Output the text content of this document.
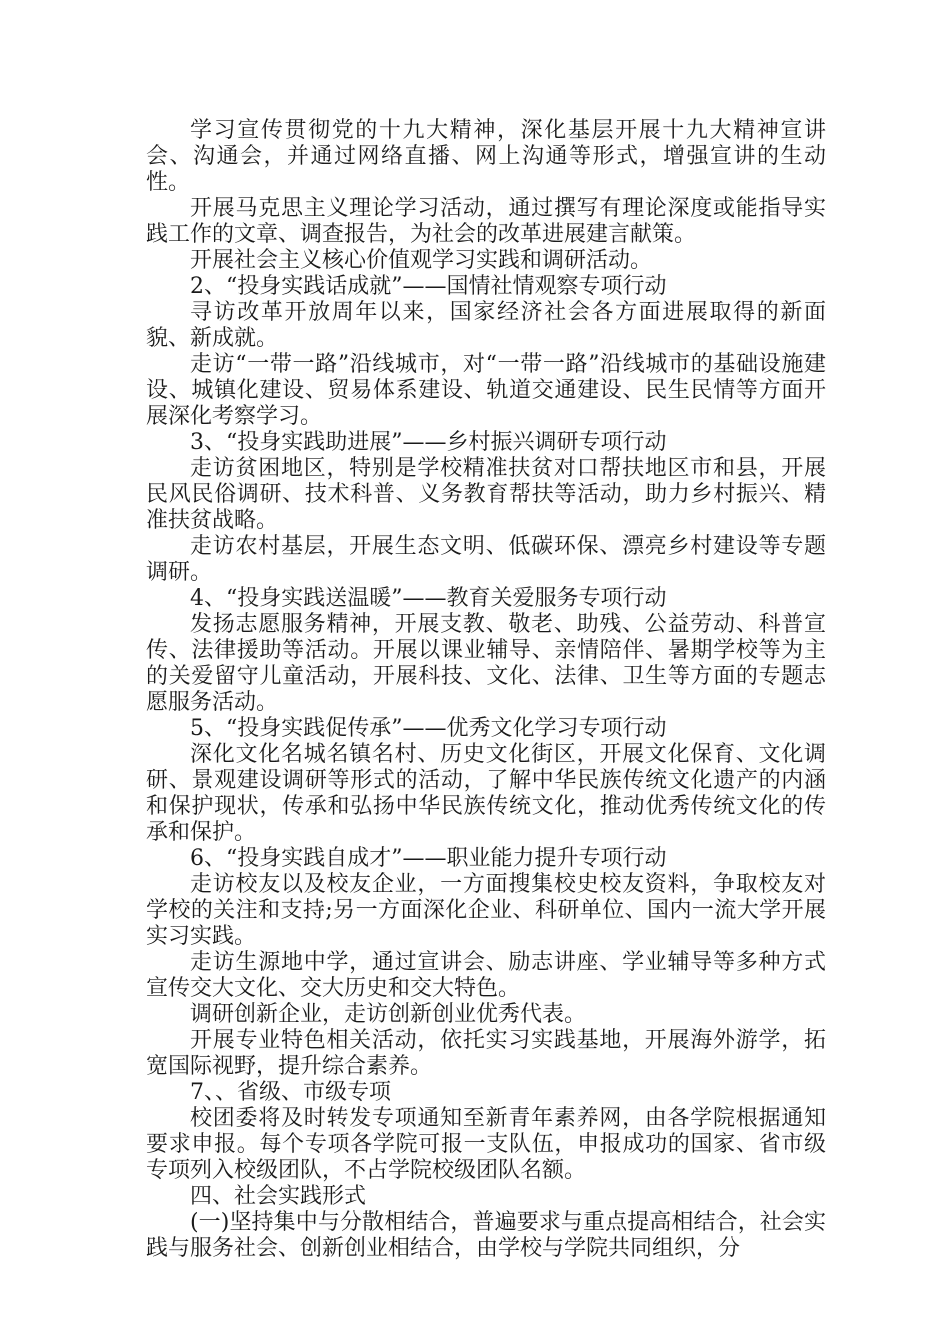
学习宣传贯彻党的十九大精神，深化基层开展十九大精神宣讲会、沟通会，并通过网络直播、网上沟通等形式，增强宣讲的生动性。

开展马克思主义理论学习活动，通过撰写有理论深度或能指导实践工作的文章、调查报告，为社会的改革进展建言献策。

开展社会主义核心价值观学习实践和调研活动。

2、“投身实践话成就”——国情社情观察专项行动

寻访改革开放周年以来，国家经济社会各方面进展取得的新面貌、新成就。

走访“一带一路”沿线城市，对“一带一路”沿线城市的基础设施建设、城镇化建设、贸易体系建设、轨道交通建设、民生民情等方面开展深化考察学习。

3、“投身实践助进展”——乡村振兴调研专项行动

走访贫困地区，特别是学校精准扶贫对口帮扶地区市和县，开展民风民俗调研、技术科普、义务教育帮扶等活动，助力乡村振兴、精准扶贫战略。

走访农村基层，开展生态文明、低碳环保、漂亮乡村建设等专题调研。

4、“投身实践送温暖”——教育关爱服务专项行动

发扬志愿服务精神，开展支教、敬老、助残、公益劳动、科普宣传、法律援助等活动。开展以课业辅导、亲情陪伴、暑期学校等为主的关爱留守儿童活动，开展科技、文化、法律、卫生等方面的专题志愿服务活动。

5、“投身实践促传承”——优秀文化学习专项行动

深化文化名城名镇名村、历史文化街区，开展文化保育、文化调研、景观建设调研等形式的活动，了解中华民族传统文化遗产的内涵和保护现状，传承和弘扬中华民族传统文化，推动优秀传统文化的传承和保护。

6、“投身实践自成才”——职业能力提升专项行动

走访校友以及校友企业，一方面搜集校史校友资料，争取校友对学校的关注和支持;另一方面深化企业、科研单位、国内一流大学开展实习实践。

走访生源地中学，通过宣讲会、励志讲座、学业辅导等多种方式宣传交大文化、交大历史和交大特色。

调研创新企业，走访创新创业优秀代表。

开展专业特色相关活动，依托实习实践基地，开展海外游学，拓宽国际视野，提升综合素养。

7、、省级、市级专项

校团委将及时转发专项通知至新青年素养网，由各学院根据通知要求申报。每个专项各学院可报一支队伍，申报成功的国家、省市级专项列入校级团队，不占学院校级团队名额。

四、社会实践形式

(一)坚持集中与分散相结合，普遍要求与重点提高相结合，社会实践与服务社会、创新创业相结合，由学校与学院共同组织，分
